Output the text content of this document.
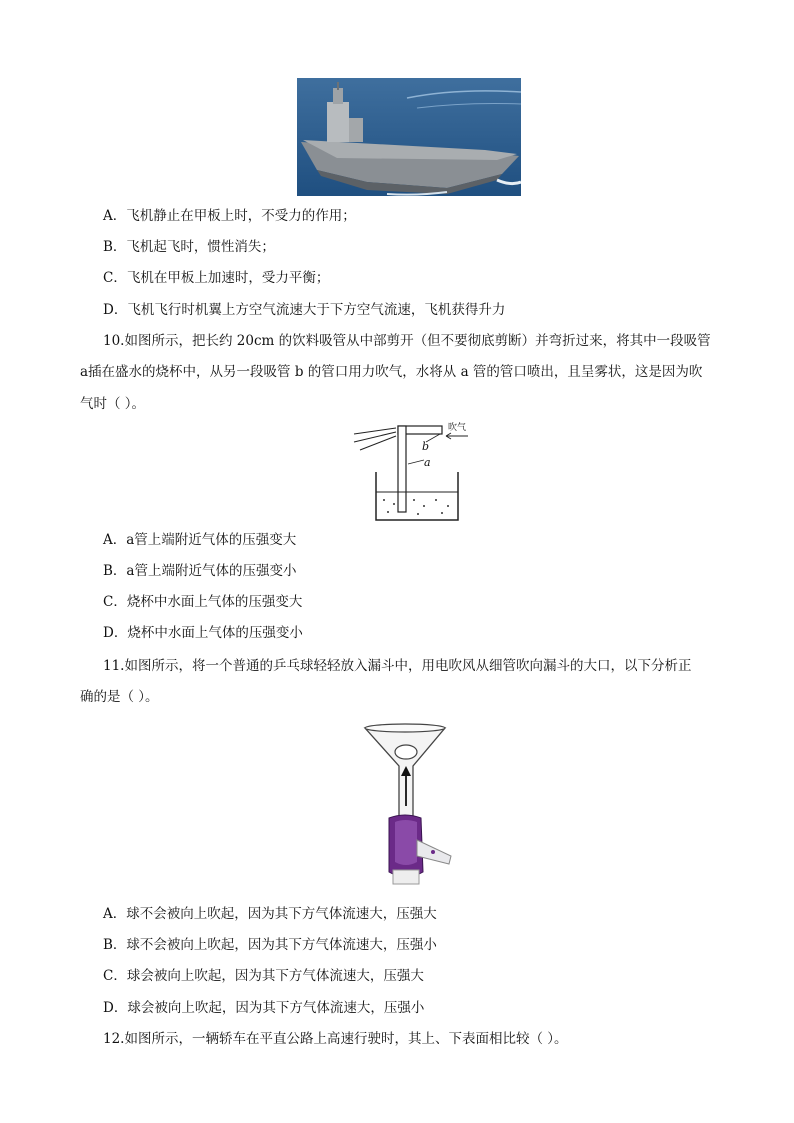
A．飞机静止在甲板上时，不受力的作用；
B．飞机起飞时，惯性消失；
C．飞机在甲板上加速时，受力平衡；
D．飞机飞行时机翼上方空气流速大于下方空气流速，飞机获得升力
10.如图所示，把长约 20cm 的饮料吸管从中部剪开（但不要彻底剪断）并弯折过来，将其中一段吸管
a插在盛水的烧杯中，从另一段吸管 b 的管口用力吹气，水将从 a 管的管口喷出，且呈雾状，这是因为吹
气时（ ）。
b
a
吹气
A．a管上端附近气体的压强变大
B．a管上端附近气体的压强变小
C．烧杯中水面上气体的压强变大
D．烧杯中水面上气体的压强变小
11.如图所示，将一个普通的乒乓球轻轻放入漏斗中，用电吹风从细管吹向漏斗的大口，以下分析正
确的是（ ）。
A．球不会被向上吹起，因为其下方气体流速大，压强大
B．球不会被向上吹起，因为其下方气体流速大，压强小
C．球会被向上吹起，因为其下方气体流速大，压强大
D．球会被向上吹起，因为其下方气体流速大，压强小
12.如图所示，一辆轿车在平直公路上高速行驶时，其上、下表面相比较（ ）。
